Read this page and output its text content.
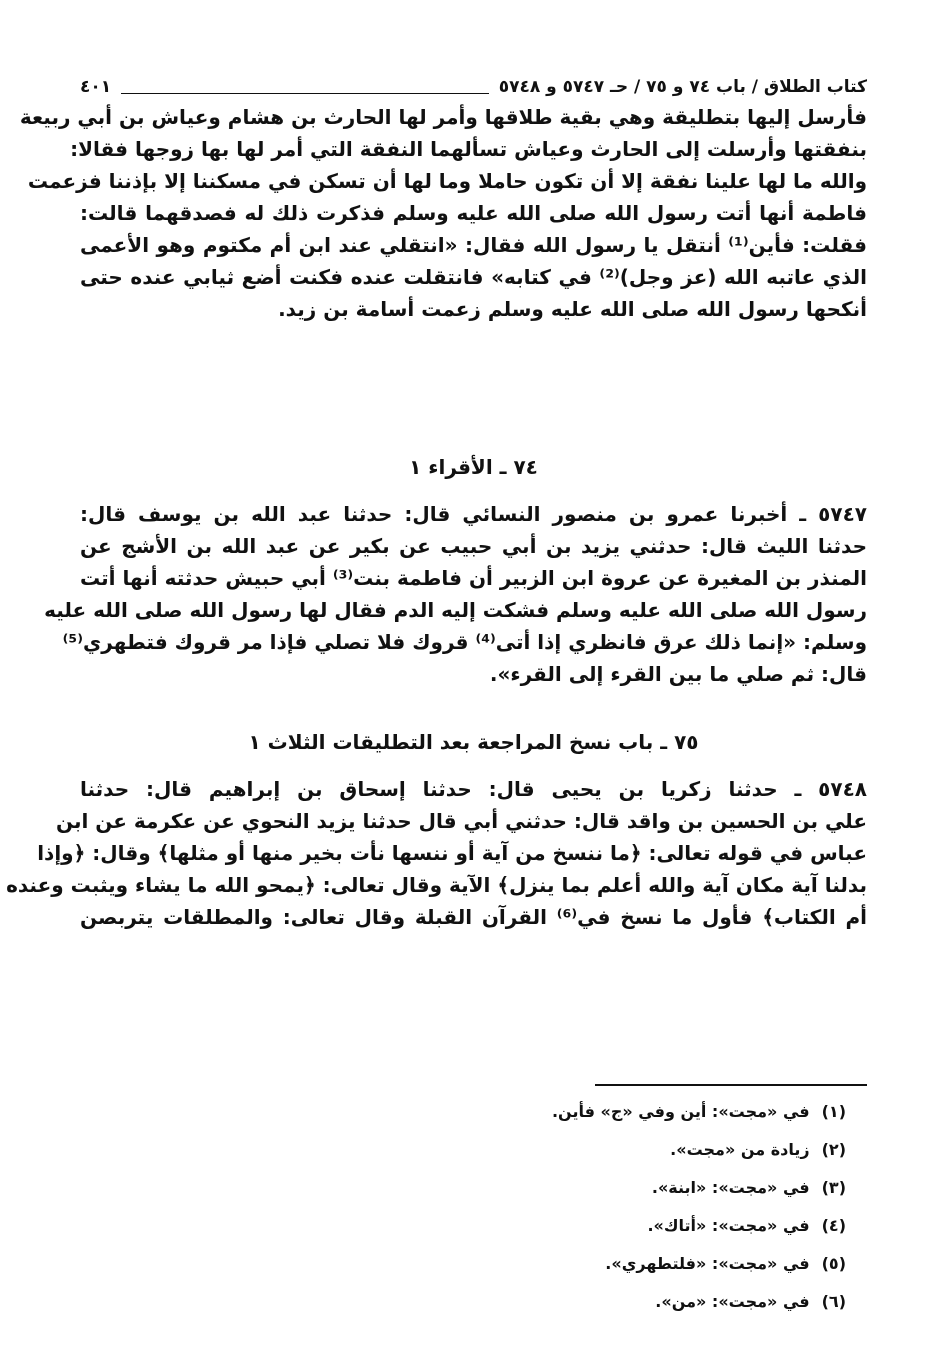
كتاب الطلاق / باب ٧٤ و ٧٥ / حـ ٥٧٤٧ و ٥٧٤٨
٤٠١
فأرسل إليها بتطليقة وهي بقية طلاقها وأمر لها الحارث بن هشام وعياش بن أبي ربيعة
بنفقتها وأرسلت إلى الحارث وعياش تسألهما النفقة التي أمر لها بها زوجها فقالا:
والله ما لها علينا نفقة إلا أن تكون حاملا وما لها أن تسكن في مسكننا إلا بإذننا فزعمت
فاطمة أنها أتت رسول الله صلى الله عليه وسلم فذكرت ذلك له فصدقهما قالت:
فقلت: فأين⁽¹⁾ أنتقل يا رسول الله فقال: «انتقلي عند ابن أم مكتوم وهو الأعمى
الذي عاتبه الله (عز وجل)⁽²⁾ في كتابه» فانتقلت عنده فكنت أضع ثيابي عنده حتى
أنكحها رسول الله صلى الله عليه وسلم زعمت أسامة بن زيد.
٧٤ ـ الأقراء ١
٥٧٤٧ ـ أخبرنا عمرو بن منصور النسائي قال: حدثنا عبد الله بن يوسف قال:
حدثنا الليث قال: حدثني يزيد بن أبي حبيب عن بكير عن عبد الله بن الأشج عن
المنذر بن المغيرة عن عروة ابن الزبير أن فاطمة بنت⁽³⁾ أبي حبيش حدثته أنها أتت
رسول الله صلى الله عليه وسلم فشكت إليه الدم فقال لها رسول الله صلى الله عليه
وسلم: «إنما ذلك عرق فانظري إذا أتى⁽⁴⁾ قروك فلا تصلي فإذا مر قروك فتطهري⁽⁵⁾
قال: ثم صلي ما بين القرء إلى القرء».
٧٥ ـ باب نسخ المراجعة بعد التطليقات الثلاث ١
٥٧٤٨ ـ حدثنا زكريا بن يحيى قال: حدثنا إسحاق بن إبراهيم قال: حدثنا
علي بن الحسين بن واقد قال: حدثني أبي قال حدثنا يزيد النحوي عن عكرمة عن ابن
عباس في قوله تعالى: ﴿ما ننسخ من آية أو ننسها نأت بخير منها أو مثلها﴾ وقال: ﴿وإذا
بدلنا آية مكان آية والله أعلم بما ينزل﴾ الآية وقال تعالى: ﴿يمحو الله ما يشاء ويثبت وعنده
أم الكتاب﴾ فأول ما نسخ في⁽⁶⁾ القرآن القبلة وقال تعالى: والمطلقات يتربصن
(١)في «مجت»: أين وفي «ج» فأين.
(٢)زيادة من «مجت».
(٣)في «مجت»: «ابنة».
(٤)في «مجت»: «أتاك».
(٥)في «مجت»: «فلتطهري».
(٦)في «مجت»: «من».
